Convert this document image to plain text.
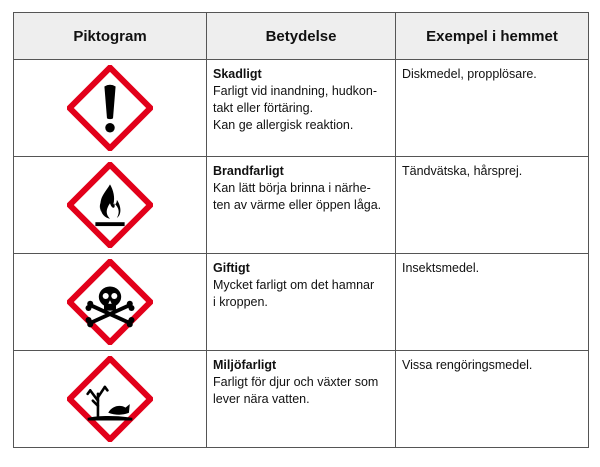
Piktogram	Betydelse	Exempel i hemmet

Skadligt
Farligt vid inandning, hudkon-
takt eller förtäring.
Kan ge allergisk reaktion.	Diskmedel, propplösare.

Brandfarligt
Kan lätt börja brinna i närhe-
ten av värme eller öppen låga.	Tändvätska, hårsprej.

Giftigt
Mycket farligt om det hamnar
i kroppen.	Insektsmedel.

Miljöfarligt
Farligt för djur och växter som
lever nära vatten.	Vissa rengöringsmedel.
